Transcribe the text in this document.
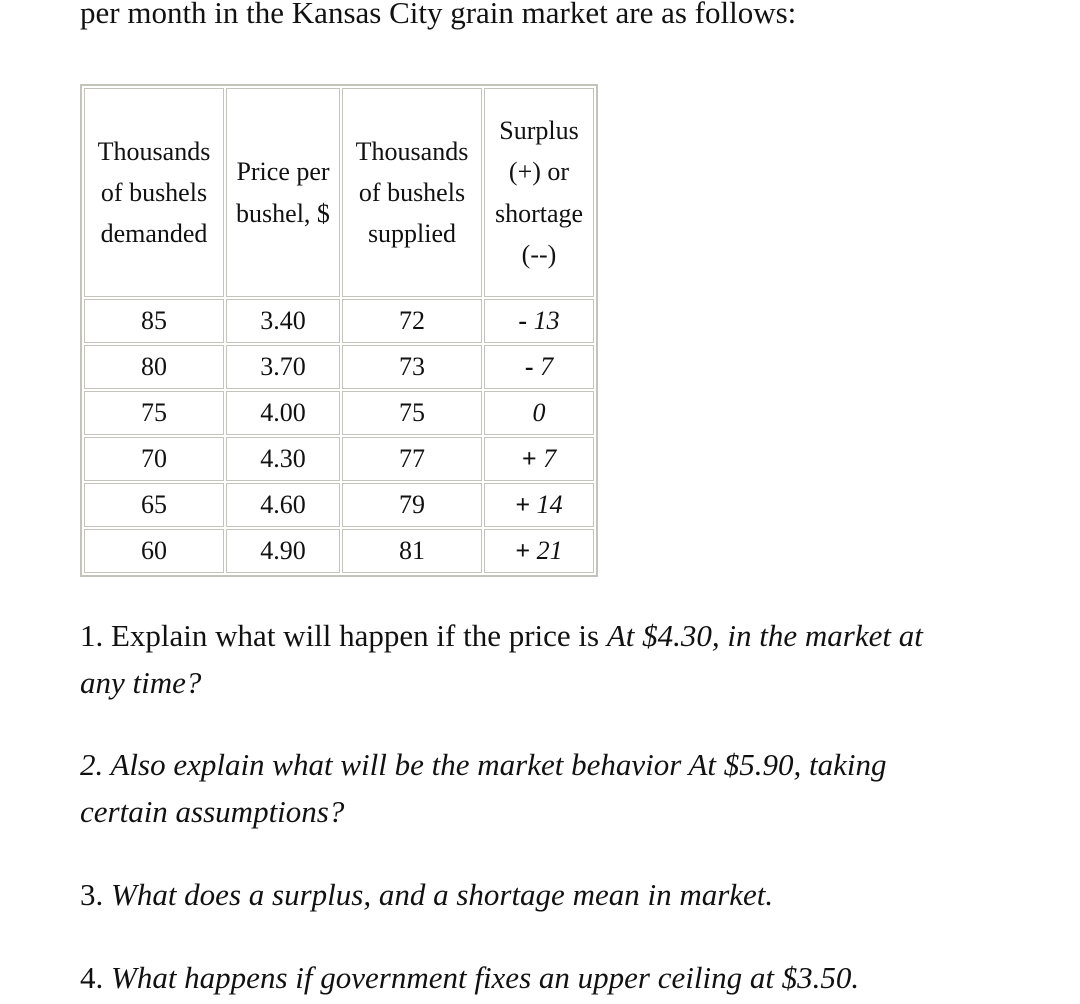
per month in the Kansas City grain market are as follows:

Thousands of bushels demanded	Price per bushel, $	Thousands of bushels supplied	Surplus (+) or shortage (--)
85	3.40	72	- 13
80	3.70	73	- 7
75	4.00	75	0
70	4.30	77	+ 7
65	4.60	79	+ 14
60	4.90	81	+ 21

1. Explain what will happen if the price is At $4.30, in the market at any time?

2. Also explain what will be the market behavior At $5.90, taking certain assumptions?

3. What does a surplus, and a shortage mean in market.

4. What happens if government fixes an upper ceiling at $3.50.
